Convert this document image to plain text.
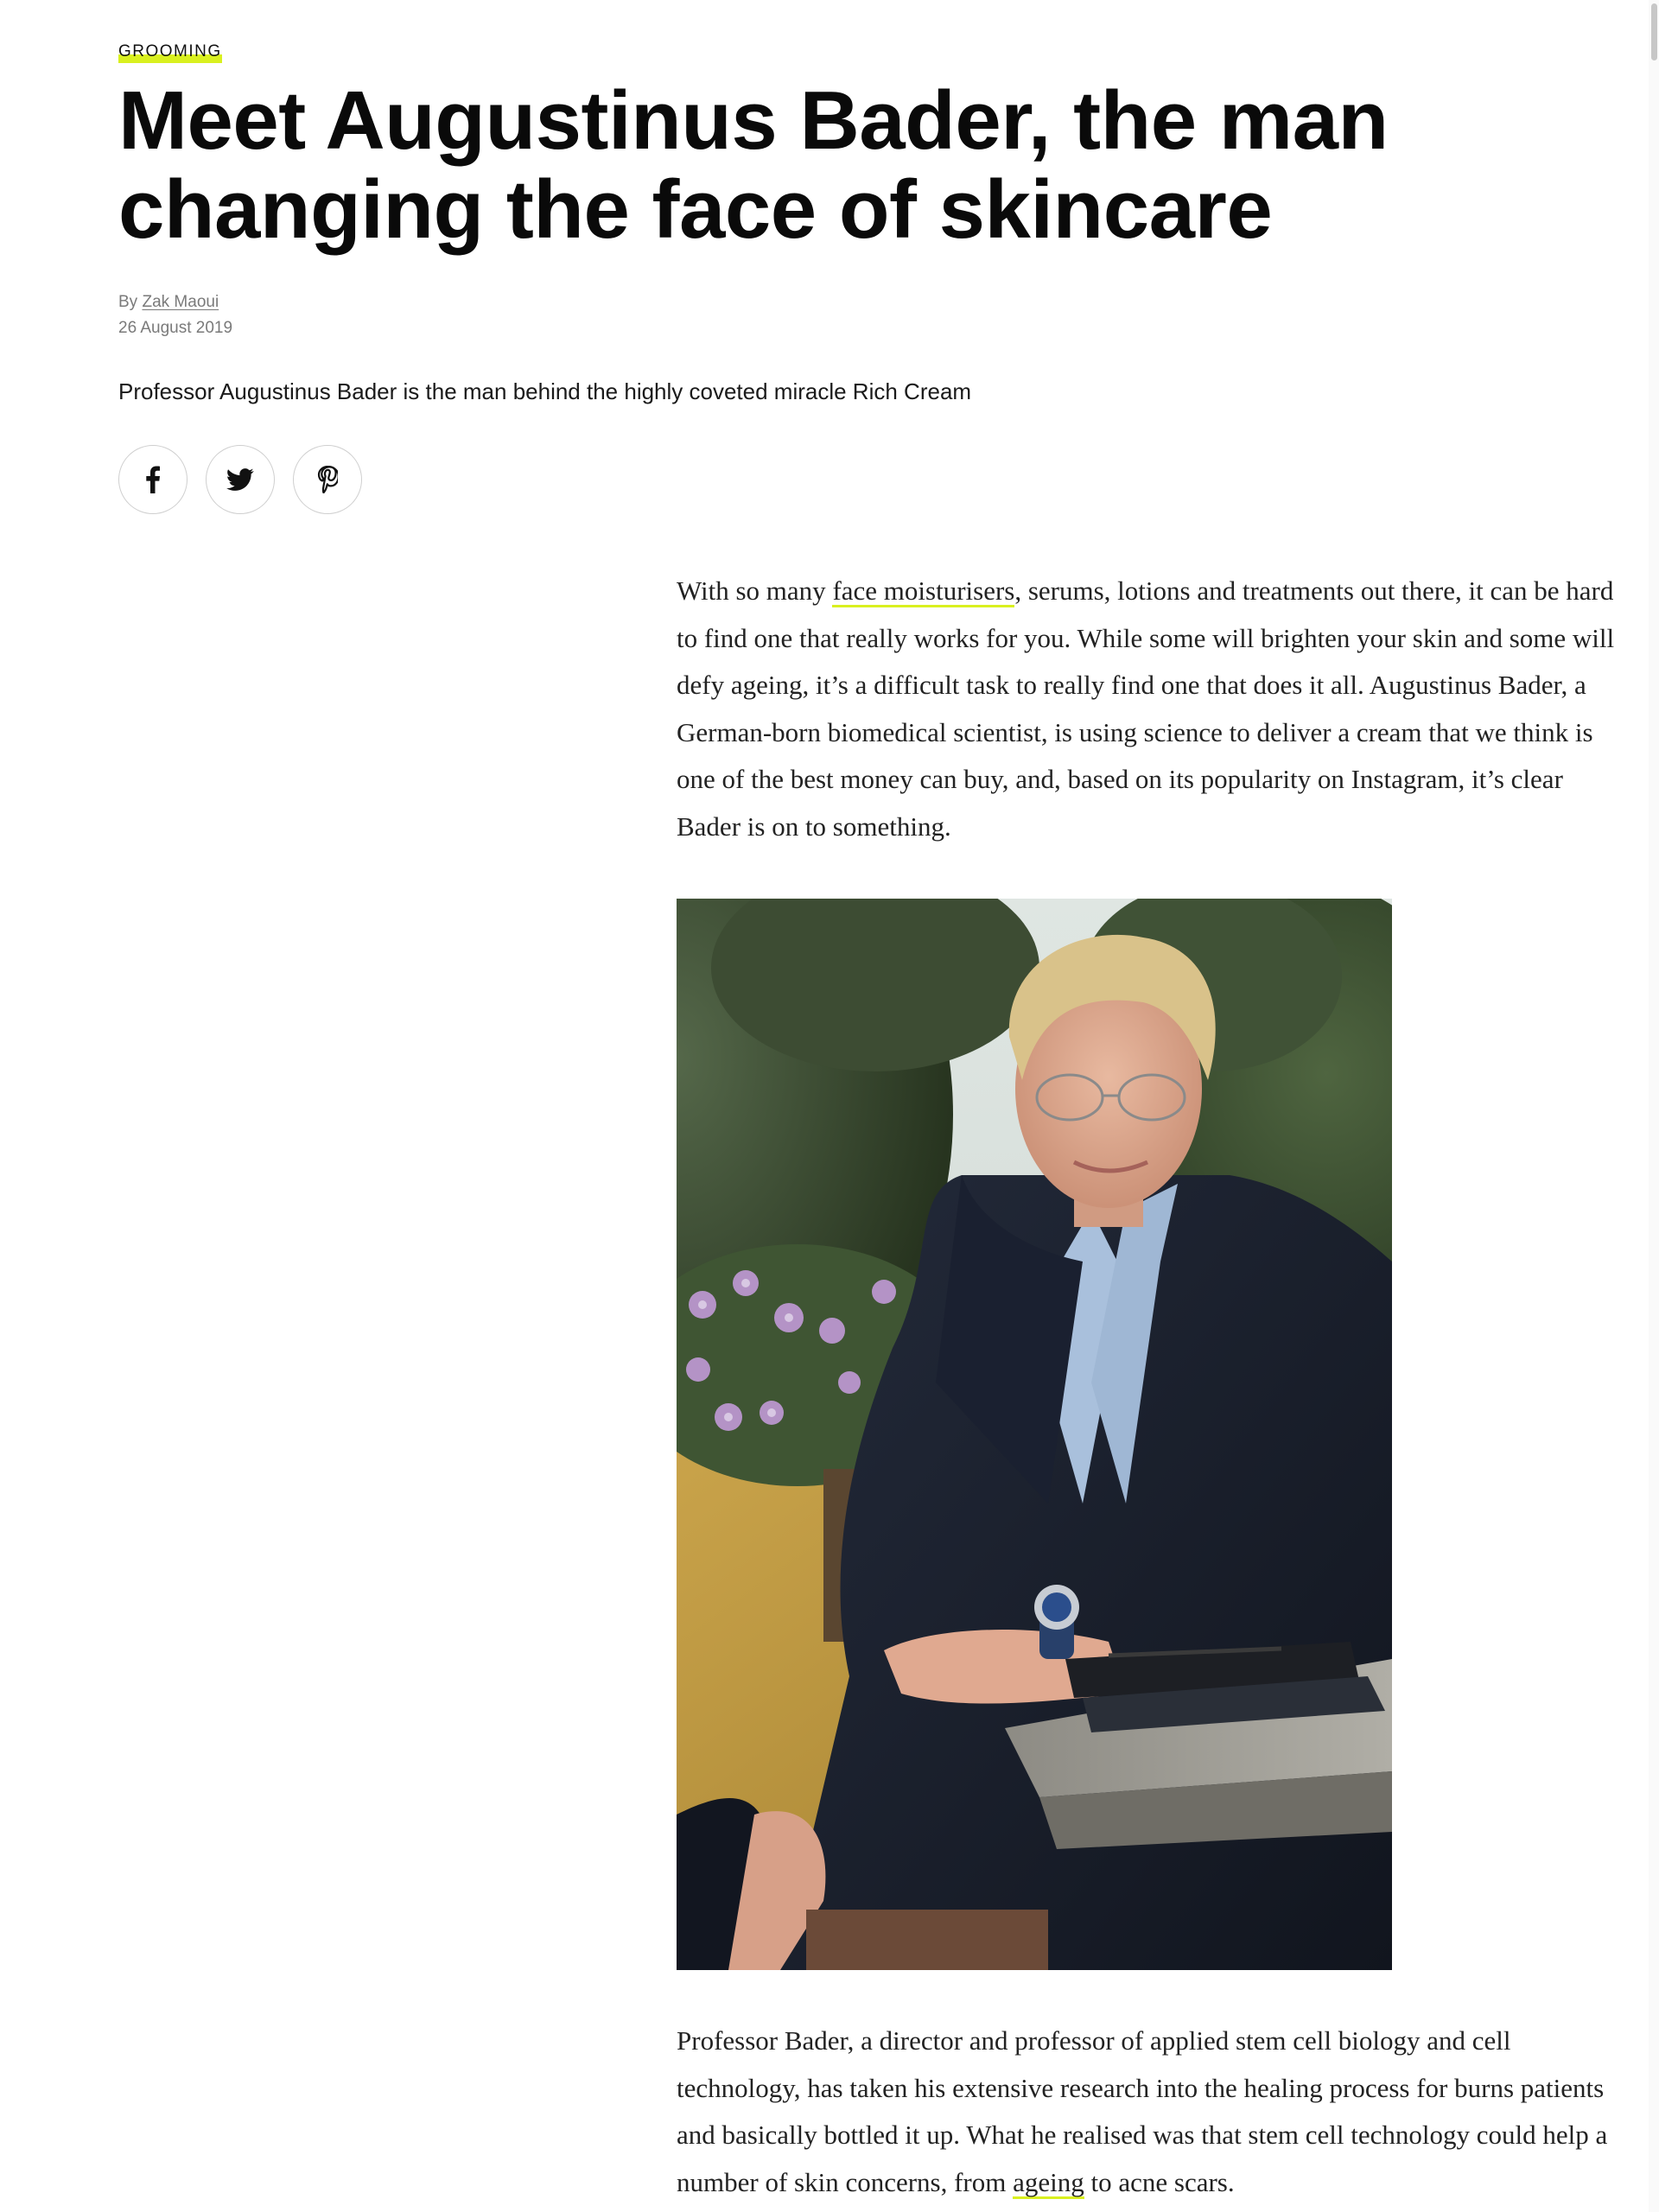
GROOMING
Meet Augustinus Bader, the man
changing the face of skincare
By Zak Maoui
26 August 2019
Professor Augustinus Bader is the man behind the highly coveted miracle Rich Cream

With so many face moisturisers, serums, lotions and treatments out there, it can be hard to find one that really works for you. While some will brighten your skin and some will defy ageing, it’s a difficult task to really find one that does it all. Augustinus Bader, a German-born biomedical scientist, is using science to deliver a cream that we think is one of the best money can buy, and, based on its popularity on Instagram, it’s clear Bader is on to something.

Professor Bader, a director and professor of applied stem cell biology and cell technology, has taken his extensive research into the healing process for burns patients and basically bottled it up. What he realised was that stem cell technology could help a number of skin concerns, from ageing to acne scars.
